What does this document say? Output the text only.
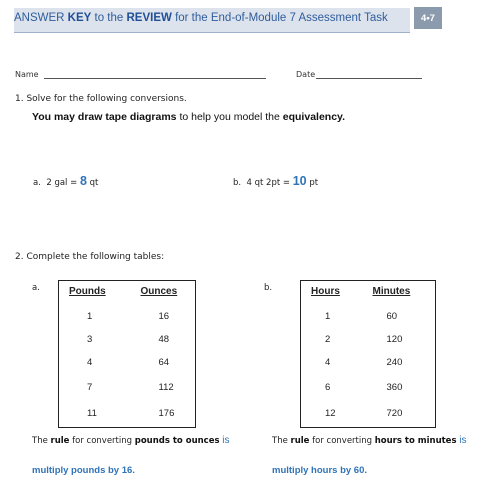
ANSWER KEY to the REVIEW for the End-of-Module 7 Assessment Task	4•7
Name	Date
1. Solve for the following conversions.
You may draw tape diagrams to help you model the equivalency.
a. 2 gal = 8 qt	b. 4 qt 2pt = 10 pt
2. Complete the following tables:
a.	Pounds	Ounces
1	16
3	48
4	64
7	112
11	176
b.	Hours	Minutes
1	60
2	120
4	240
6	360
12	720
The rule for converting pounds to ounces is
multiply pounds by 16.
The rule for converting hours to minutes is
multiply hours by 60.
